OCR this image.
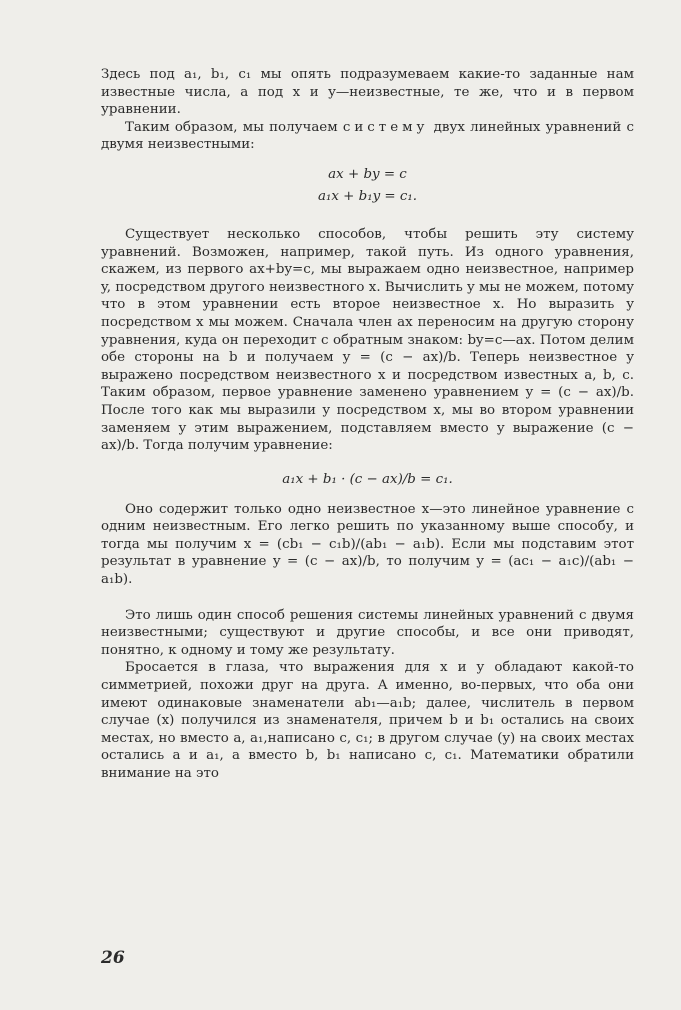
Здесь под a₁, b₁, c₁ мы опять подразумеваем какие-то заданные нам известные числа, а под x и y—неизвестные, те же, что и в первом уравнении.

Таким образом, мы получаем систему двух линейных уравнений с двумя неизвестными:

ax + by = c
a₁x + b₁y = c₁.

Существует несколько способов, чтобы решить эту систему уравнений. Возможен, например, такой путь. Из одного уравнения, скажем, из первого ax+by=c, мы выражаем одно неизвестное, например y, посредством другого неизвестного x. Вычислить y мы не можем, потому что в этом уравнении есть второе неизвестное x. Но выразить y посредством x мы можем. Сначала член ax переносим на другую сторону уравнения, куда он переходит с обратным знаком: by=c—ax. Потом делим обе стороны на b и получаем y = (c − ax)/b. Теперь неизвестное y выражено посредством неизвестного x и посредством известных a, b, c. Таким образом, первое уравнение заменено уравнением y = (c − ax)/b. После того как мы выразили y посредством x, мы во втором уравнении заменяем y этим выражением, подставляем вместо y выражение (c − ax)/b. Тогда получим уравнение:

a₁x + b₁ · (c − ax)/b = c₁.

Оно содержит только одно неизвестное x—это линейное уравнение с одним неизвестным. Его легко решить по указанному выше способу, и тогда мы получим x = (cb₁ − c₁b)/(ab₁ − a₁b). Если мы подставим этот результат в уравнение y = (c − ax)/b, то получим y = (ac₁ − a₁c)/(ab₁ − a₁b).

Это лишь один способ решения системы линейных уравнений с двумя неизвестными; существуют и другие способы, и все они приводят, понятно, к одному и тому же результату.

Бросается в глаза, что выражения для x и y обладают какой-то симметрией, похожи друг на друга. А именно, во-первых, что оба они имеют одинаковые знаменатели ab₁—a₁b; далее, числитель в первом случае (x) получился из знаменателя, причем b и b₁ остались на своих местах, но вместо a, a₁,написано c, c₁; в другом случае (y) на своих местах остались a и a₁, а вместо b, b₁ написано c, c₁. Математики обратили внимание на это

26
